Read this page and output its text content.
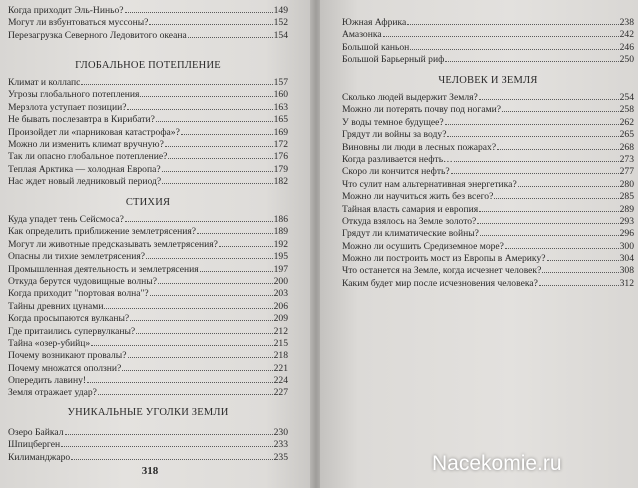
Когда приходит Эль-Ниньо?	149
Могут ли взбунтоваться муссоны?	152
Перезагрузка Северного Ледовитого океана	154
ГЛОБАЛЬНОЕ ПОТЕПЛЕНИЕ
Климат и коллапс	157
Угрозы глобального потепления	160
Мерзлота уступает позиции?	163
Не бывать послезавтра в Кирибати?	165
Произойдет ли «парниковая катастрофа»?	169
Можно ли изменить климат вручную?	172
Так ли опасно глобальное потепление?	176
Теплая Арктика — холодная Европа?	179
Нас ждет новый ледниковый период?	182
СТИХИЯ
Куда упадет тень Сейсмоса?	186
Как определить приближение землетрясения?	189
Могут ли животные предсказывать землетрясения?	192
Опасны ли тихие землетрясения?	195
Промышленная деятельность и землетрясения	197
Откуда берутся чудовищные волны?	200
Когда приходит "портовая волна"?	203
Тайны древних цунами	206
Когда просыпаются вулканы?	209
Где притаились супервулканы?	212
Тайна «озер-убийц»	215
Почему возникают провалы?	218
Почему множатся оползни?	221
Опередить лавину!	224
Земля отражает удар?	227
УНИКАЛЬНЫЕ УГОЛКИ ЗЕМЛИ
Озеро Байкал	230
Шпицберген	233
Килиманджаро	235
318
Южная Африка	238
Амазонка	242
Большой каньон	246
Большой Барьерный риф	250
ЧЕЛОВЕК И ЗЕМЛЯ
Сколько людей выдержит Земля?	254
Можно ли потерять почву под ногами?	258
У воды темное будущее?	262
Грядут ли войны за воду?	265
Виновны ли люди в лесных пожарах?	268
Когда разливается нефть…	273
Скоро ли кончится нефть?	277
Что сулит нам альтернативная энергетика?	280
Можно ли научиться жить без всего?	285
Тайная власть самария и европия	289
Откуда взялось на Земле золото?	293
Грядут ли климатические войны?	296
Можно ли осушить Средиземное море?	300
Можно ли построить мост из Европы в Америку?	304
Что останется на Земле, когда исчезнет человек?	308
Каким будет мир после исчезновения человека?	312
Nacekomie.ru
